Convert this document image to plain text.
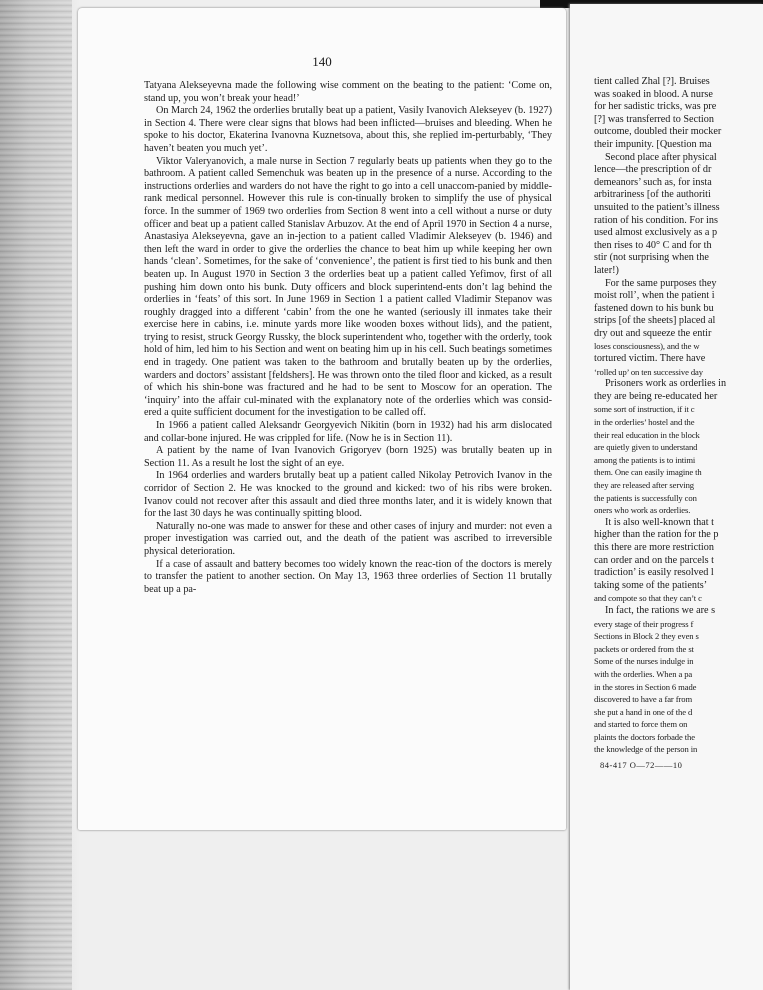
140

Tatyana Alekseyevna made the following wise comment on the beating to the patient: ‘Come on, stand up, you won’t break your head!’

On March 24, 1962 the orderlies brutally beat up a patient, Vasily Ivanovich Alekseyev (b. 1927) in Section 4. There were clear signs that blows had been inflicted—bruises and bleeding. When he spoke to his doctor, Ekaterina Ivanovna Kuznetsova, about this, she replied im-perturbably, ‘They haven’t beaten you much yet’.

Viktor Valeryanovich, a male nurse in Section 7 regularly beats up patients when they go to the bathroom. A patient called Semenchuk was beaten up in the presence of a nurse. According to the instructions orderlies and warders do not have the right to go into a cell unaccom-panied by middle-rank medical personnel. However this rule is con-tinually broken to simplify the use of physical force. In the summer of 1969 two orderlies from Section 8 went into a cell without a nurse or duty officer and beat up a patient called Stanislav Arbuzov. At the end of April 1970 in Section 4 a nurse, Anastasiya Alekseyevna, gave an in-jection to a patient called Vladimir Alekseyev (b. 1946) and then left the ward in order to give the orderlies the chance to beat him up while keeping her own hands ‘clean’. Sometimes, for the sake of ‘convenience’, the patient is first tied to his bunk and then beaten up. In August 1970 in Section 3 the orderlies beat up a patient called Yefimov, first of all pushing him down onto his bunk. Duty officers and block superintend-ents don’t lag behind the orderlies in ‘feats’ of this sort. In June 1969 in Section 1 a patient called Vladimir Stepanov was roughly dragged into a different ‘cabin’ from the one he wanted (seriously ill inmates take their exercise here in cabins, i.e. minute yards more like wooden boxes without lids), and the patient, trying to resist, struck Georgy Russky, the block superintendent who, together with the orderly, took hold of him, led him to his Section and went on beating him up in his cell. Such beatings sometimes end in tragedy. One patient was taken to the bathroom and brutally beaten up by the orderlies, warders and doctors’ assistant [feldshers]. He was thrown onto the tiled floor and kicked, as a result of which his shin-bone was fractured and he had to be sent to Moscow for an operation. The ‘inquiry’ into the affair cul-minated with the explanatory note of the orderlies which was consid-ered a quite sufficient document for the investigation to be called off.

In 1966 a patient called Aleksandr Georgyevich Nikitin (born in 1932) had his arm dislocated and collar-bone injured. He was crippled for life. (Now he is in Section 11).

A patient by the name of Ivan Ivanovich Grigoryev (born 1925) was brutally beaten up in Section 11. As a result he lost the sight of an eye.

In 1964 orderlies and warders brutally beat up a patient called Nikolay Petrovich Ivanov in the corridor of Section 2. He was knocked to the ground and kicked: two of his ribs were broken. Ivanov could not recover after this assault and died three months later, and it is widely known that for the last 30 days he was continually spitting blood.

Naturally no-one was made to answer for these and other cases of injury and murder: not even a proper investigation was carried out, and the death of the patient was ascribed to irreversible physical deterioration.

If a case of assault and battery becomes too widely known the reac-tion of the doctors is merely to transfer the patient to another section. On May 13, 1963 three orderlies of Section 11 brutally beat up a pa-

tient called Zhal [?]. Bruises
was soaked in blood. A nurse
for her sadistic tricks, was pre
[?] was transferred to Section
outcome, doubled their mocker
their impunity. [Question ma
Second place after physical
lence—the prescription of dr
demeanors’ such as, for insta
arbitrariness [of the authoriti
unsuited to the patient’s illness
ration of his condition. For ins
used almost exclusively as a p
then rises to 40° C and for th
stir (not surprising when the
later!)
For the same purposes they
moist roll’, when the patient i
fastened down to his bunk bu
strips [of the sheets] placed al
dry out and squeeze the entir
loses consciousness), and the w
tortured victim. There have
‘rolled up’ on ten successive day
Prisoners work as orderlies in
they are being re-educated her
some sort of instruction, if it c
in the orderlies’ hostel and the
their real education in the block
are quietly given to understand
among the patients is to intimi
them. One can easily imagine th
they are released after serving
the patients is successfully con
oners who work as orderlies.
It is also well-known that t
higher than the ration for the p
this there are more restriction
can order and on the parcels t
tradiction’ is easily resolved l
taking some of the patients’
and compote so that they can’t c
In fact, the rations we are s
every stage of their progress f
Sections in Block 2 they even s
packets or ordered from the st
Some of the nurses indulge in
with the orderlies. When a pa
in the stores in Section 6 made
discovered to have a far from
she put a hand in one of the d
and started to force them on
plaints the doctors forbade the
the knowledge of the person in
84-417 O—72——10
